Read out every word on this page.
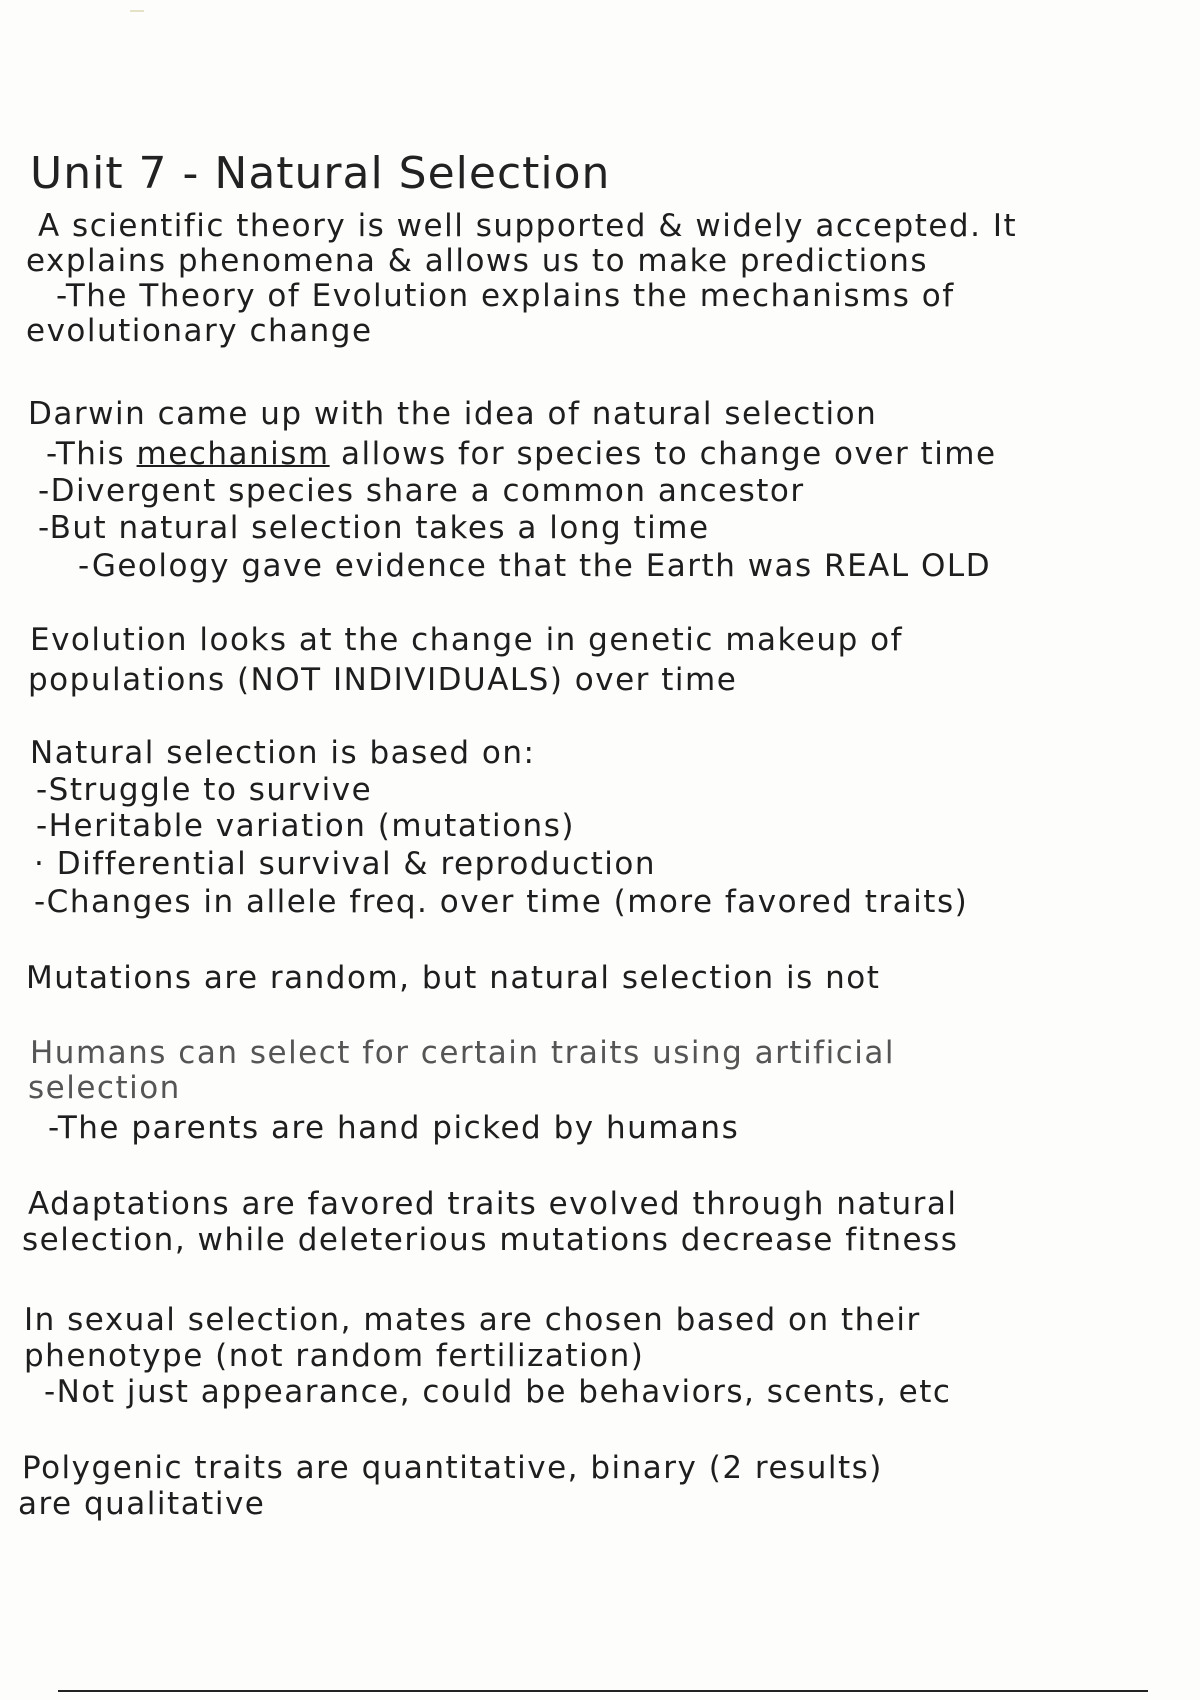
Unit 7 - Natural Selection
A scientific theory is well supported & widely accepted. It
explains phenomena & allows us to make predictions
-The Theory of Evolution explains the mechanisms of
evolutionary change
Darwin came up with the idea of natural selection
-This mechanism allows for species to change over time
-Divergent species share a common ancestor
-But natural selection takes a long time
-Geology gave evidence that the Earth was REAL OLD
Evolution looks at the change in genetic makeup of
populations (NOT INDIVIDUALS) over time
Natural selection is based on:
-Struggle to survive
-Heritable variation (mutations)
· Differential survival & reproduction
-Changes in allele freq. over time (more favored traits)
Mutations are random, but natural selection is not
Humans can select for certain traits using artificial
selection
-The parents are hand picked by humans
Adaptations are favored traits evolved through natural
selection, while deleterious mutations decrease fitness
In sexual selection, mates are chosen based on their
phenotype (not random fertilization)
-Not just appearance, could be behaviors, scents, etc
Polygenic traits are quantitative, binary (2 results)
are qualitative
